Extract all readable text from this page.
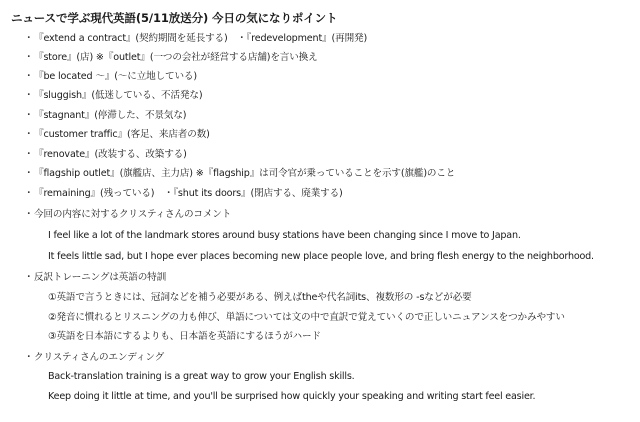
ニュースで学ぶ現代英語(5/11放送分) 今日の気になりポイント
・『extend a contract』(契約期間を延長する)　・『redevelopment』(再開発)
・『store』(店) ※『outlet』(一つの会社が経営する店舗)を言い換え
・『be located ～』(～に立地している)
・『sluggish』(低迷している、不活発な)
・『stagnant』(停滞した、不景気な)
・『customer traffic』(客足、来店者の数)
・『renovate』(改装する、改築する)
・『flagship outlet』(旗艦店、主力店) ※『flagship』は司令官が乗っていることを示す(旗艦)のこと
・『remaining』(残っている)　・『shut its doors』(閉店する、廃業する)
・今回の内容に対するクリスティさんのコメント
I feel like a lot of the landmark stores around busy stations have been changing since I move to Japan.
It feels little sad, but I hope ever places becoming new place people love, and bring flesh energy to the neighborhood.
・反訳トレーニングは英語の特訓
①英語で言うときには、冠詞などを補う必要がある、例えばtheや代名詞its、複数形の -sなどが必要
②発音に慣れるとリスニングの力も伸び、単語については文の中で直訳で覚えていくので正しいニュアンスをつかみやすい
③英語を日本語にするよりも、日本語を英語にするほうがハード
・クリスティさんのエンディング
Back-translation training is a great way to grow your English skills.
Keep doing it little at time, and you'll be surprised how quickly your speaking and writing start feel easier.
